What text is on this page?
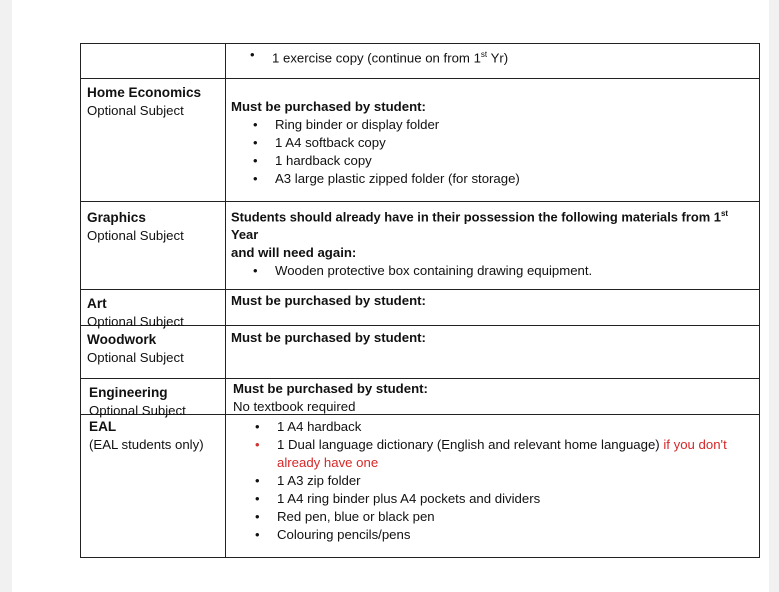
• 1 exercise copy (continue on from 1st Yr)
Home Economics
Optional Subject	Must be purchased by student:
• Ring binder or display folder
• 1 A4 softback copy
• 1 hardback copy
• A3 large plastic zipped folder (for storage)
Graphics
Optional Subject
Students should already have in their possession the following materials from 1st Year
and will need again:
• Wooden protective box containing drawing equipment.
Art
Optional Subject
Must be purchased by student:
Woodwork
Optional Subject
Must be purchased by student:
Engineering
Optional Subject
Must be purchased by student:
No textbook required
EAL
(EAL students only)
• 1 A4 hardback
• 1 Dual language dictionary (English and relevant home language) if you don't
already have one
• 1 A3 zip folder
• 1 A4 ring binder plus A4 pockets and dividers
• Red pen, blue or black pen
• Colouring pencils/pens
